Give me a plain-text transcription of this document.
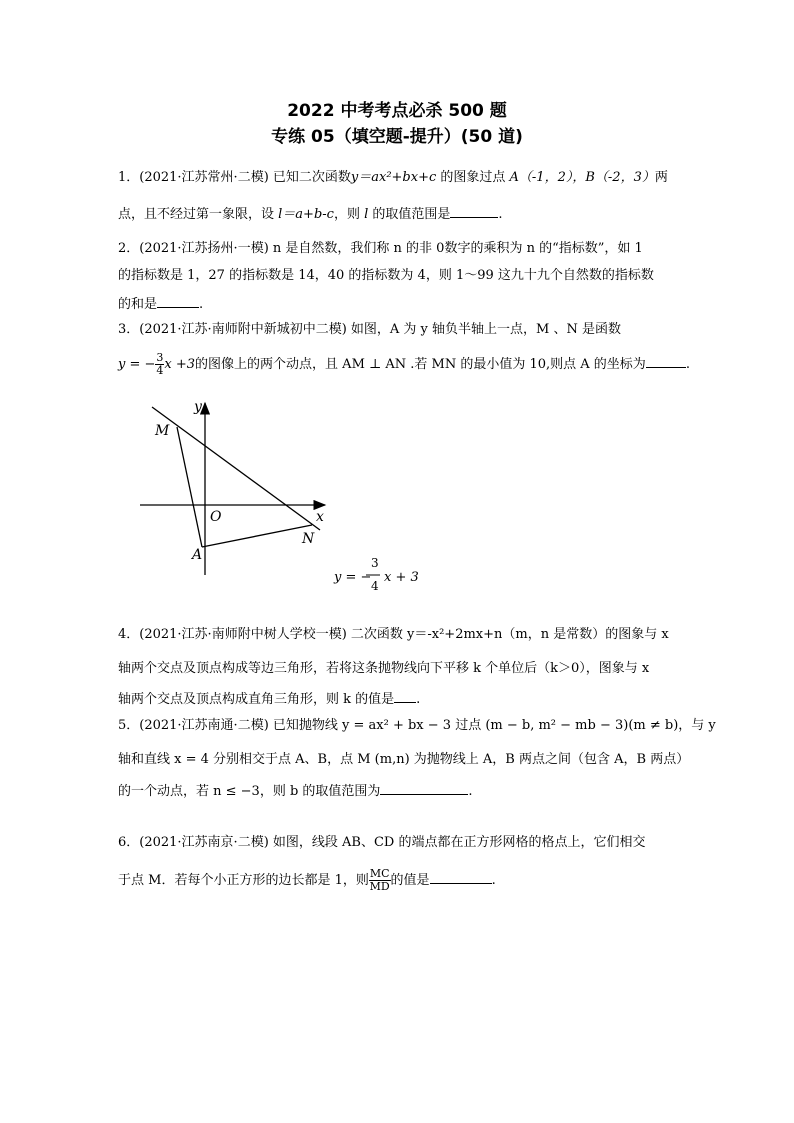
2022 中考考点必杀 500 题
专练 05（填空题-提升）(50 道)
1．(2021·江苏常州·二模) 已知二次函数y＝ax²+bx+c 的图象过点 A（-1，2），B（-2，3）两
点，且不经过第一象限，设 l＝a+b-c，则 l 的取值范围是	.
2．(2021·江苏扬州·一模) n 是自然数，我们称 n 的非 0数字的乘积为 n 的“指标数”，如 1
的指标数是 1，27 的指标数是 14，40 的指标数为 4，则 1～99 这九十九个自然数的指标数
的和是	.
3．(2021·江苏·南师附中新城初中二模) 如图，A 为 y 轴负半轴上一点，M 、N 是函数
y = − $\frac{3}{4}$ x +3的图像上的两个动点，且 AM ⊥ AN .若 MN 的最小值为 10,则点 A 的坐标为	.
y
x
O
M
A
N
y = −
3
4
x + 3
4．(2021·江苏·南师附中树人学校一模) 二次函数 y＝-x²+2mx+n（m，n 是常数）的图象与 x
轴两个交点及顶点构成等边三角形，若将这条抛物线向下平移 k 个单位后（k＞0），图象与 x
轴两个交点及顶点构成直角三角形，则 k 的值是 .
5．(2021·江苏南通·二模) 已知抛物线 y = ax² + bx − 3 过点 (m − b, m² − mb − 3)(m ≠ b)，与 y
轴和直线 x = 4 分别相交于点 A、B，点 M (m,n) 为抛物线上 A，B 两点之间（包含 A，B 两点）
的一个动点，若 n ≤ −3，则 b 的取值范围为	.
6．(2021·江苏南京·二模) 如图，线段 AB、CD 的端点都在正方形网格的格点上，它们相交
于点 M．若每个小正方形的边长都是 1，则 $\frac{MC}{MD}$ 的值是	.
